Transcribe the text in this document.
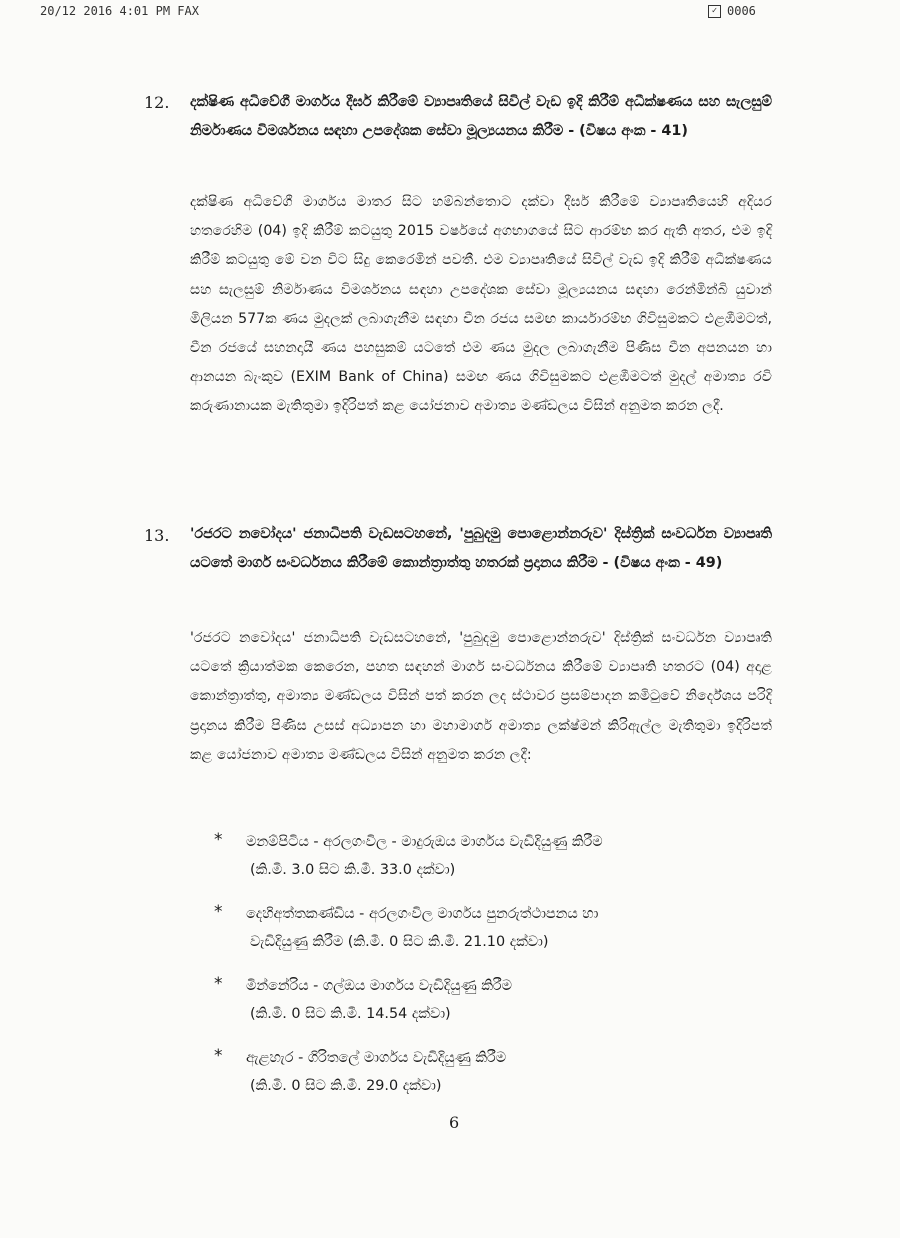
20/12 2016 4:01 PM FAX	✓ 0006
12. දක්ෂිණ අධිවේගී මාර්ගය දීර්ඝ කිරීමේ ව්‍යාපෘතියේ සිවිල් වැඩ ඉදි කිරීම් අධීක්ෂණය සහ සැලසුම් නිර්මාණය විමර්ශනය සඳහා උපදේශක සේවා මූල්‍යයනය කිරීම - (විෂය අංක - 41)
දක්ෂිණ අධිවේගී මාර්ගය මාතර සිට හම්බන්තොට දක්වා දීර්ඝ කිරීමේ ව්‍යාපෘතියෙහි අදියර හතරෙහිම (04) ඉදි කිරීම් කටයුතු 2015 වර්ෂයේ අගභාගයේ සිට ආරම්භ කර ඇති අතර, එම ඉදි කිරීම් කටයුතු මේ වන විට සිදු කෙරෙමින් පවතී. එම ව්‍යාපෘතියේ සිවිල් වැඩ ඉදි කිරීම් අධීක්ෂණය සහ සැලසුම් නිර්මාණය විමර්ශනය සඳහා උපදේශක සේවා මූල්‍යයනය සඳහා රෙන්මින්බි යුවාන් මිලියන 577ක ණය මුදලක් ලබාගැනීම සඳහා චීන රජය සමඟ කාර්යාරම්භ ගිවිසුමකට එළඹීමටත්, චීන රජයේ සහනදායී ණය පහසුකම් යටතේ එම ණය මුදල ලබාගැනීම පිණිස චීන අපනයන හා ආනයන බැංකුව (EXIM Bank of China) සමඟ ණය ගිවිසුමකට එළඹීමටත් මුදල් අමාත්‍ය රවි කරුණානායක මැතිතුමා ඉදිරිපත් කළ යෝජනාව අමාත්‍ය මණ්ඩලය විසින් අනුමත කරන ලදී.
13. 'රජරට නවෝදය' ජනාධිපති වැඩසටහනේ, 'පුබුදමු පොළොන්නරුව' දිස්ත්‍රික් සංවර්ධන ව්‍යාපෘති යටතේ මාර්ග සංවර්ධනය කිරීමේ කොන්ත්‍රාත්තු හතරක් ප්‍රදානය කිරීම - (විෂය අංක - 49)
'රජරට නවෝදය' ජනාධිපති වැඩසටහනේ, 'පුබුදමු පොළොන්නරුව' දිස්ත්‍රික් සංවර්ධන ව්‍යාපෘති යටතේ ක්‍රියාත්මක කෙරෙන, පහත සඳහන් මාර්ග සංවර්ධනය කිරීමේ ව්‍යාපෘති හතරට (04) අදාළ කොන්ත්‍රාත්තු, අමාත්‍ය මණ්ඩලය විසින් පත් කරන ලද ස්ථාවර ප්‍රසම්පාදන කමිටුවේ නිර්දේශය පරිදි ප්‍රදානය කිරීම පිණිස උසස් අධ්‍යාපන හා මහාමාර්ග අමාත්‍ය ලක්ෂ්මන් කිරිඇල්ල මැතිතුමා ඉදිරිපත් කළ යෝජනාව අමාත්‍ය මණ්ඩලය විසින් අනුමත කරන ලදී:
* මනම්පිටිය - අරලගංවිල - මාදුරුඔය මාර්ගය වැඩිදියුණු කිරීම
(කි.මී. 3.0 සිට කි.මී. 33.0 දක්වා)
* දෙහිඅත්තකණ්ඩිය - අරලගංවිල මාර්ගය පුනරුත්ථාපනය හා
වැඩිදියුණු කිරීම (කි.මී. 0 සිට කි.මී. 21.10 දක්වා)
* මින්නේරිය - ගල්ඔය මාර්ගය වැඩිදියුණු කිරීම
(කි.මී. 0 සිට කි.මී. 14.54 දක්වා)
* ඇළහැර - ගිරිතලේ මාර්ගය වැඩිදියුණු කිරීම
(කි.මී. 0 සිට කි.මී. 29.0 දක්වා)
6
